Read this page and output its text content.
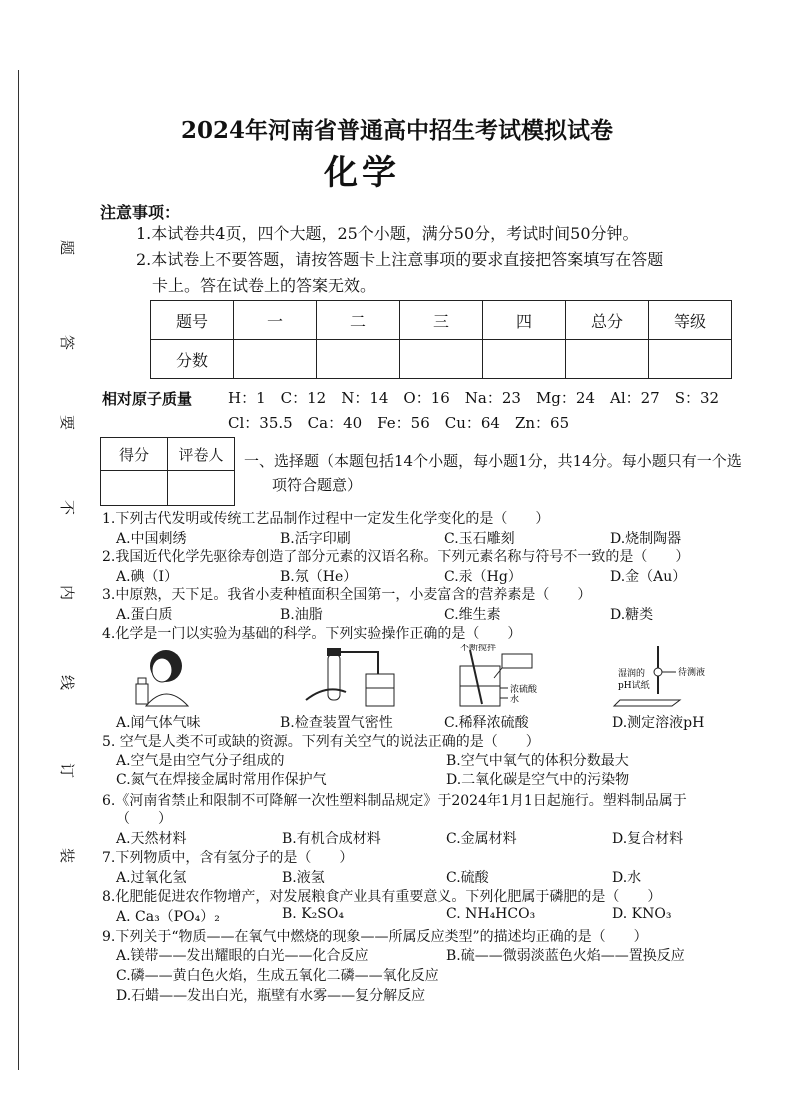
题
答
要
不
内
线
订
装
2024年河南省普通高中招生考试模拟试卷
化学
注意事项：
1.本试卷共4页，四个大题，25个小题，满分50分，考试时间50分钟。
2.本试卷上不要答题，请按答题卡上注意事项的要求直接把答案填写在答题
卡上。答在试卷上的答案无效。
题号	一	二	三	四	总分	等级
分数						
相对原子质量 H：1　C：12　N：14　O：16　Na：23　Mg：24　Al：27　S：32
Cl：35.5　Ca：40　Fe：56　Cu：64　Zn：65
得分	评卷人
	一、选择题（本题包括14个小题，每小题1分，共14分。每小题只有一个选
项符合题意）
1.下列古代发明或传统工艺品制作过程中一定发生化学变化的是（　　）
A.中国刺绣	B.活字印刷	C.玉石雕刻	D.烧制陶器
2.我国近代化学先驱徐寿创造了部分元素的汉语名称。下列元素名称与符号不一致的是（　　）
A.碘（I）	B.氖（He）	C.汞（Hg）	D.金（Au）
3.中原熟，天下足。我省小麦种植面积全国第一，小麦富含的营养素是（　　）
A.蛋白质	B.油脂	C.维生素	D.糖类
4.化学是一门以实验为基础的科学。下列实验操作正确的是（　　）
不断搅拌
浓硫酸
水
湿润的
pH试纸
待测液
A.闻气体气味	B.检查装置气密性	C.稀释浓硫酸	D.测定溶液pH
5. 空气是人类不可或缺的资源。下列有关空气的说法正确的是（　　）
A.空气是由空气分子组成的	B.空气中氧气的体积分数最大
C.氮气在焊接金属时常用作保护气	D.二氧化碳是空气中的污染物
6.《河南省禁止和限制不可降解一次性塑料制品规定》于2024年1月1日起施行。塑料制品属于
（　　）
A.天然材料	B.有机合成材料	C.金属材料	D.复合材料
7.下列物质中，含有氢分子的是（　　）
A.过氧化氢	B.液氢	C.硫酸	D.水
8.化肥能促进农作物增产，对发展粮食产业具有重要意义。下列化肥属于磷肥的是（　　）
A. Ca₃（PO₄）₂	B. K₂SO₄	C. NH₄HCO₃	D. KNO₃
9.下列关于“物质——在氧气中燃烧的现象——所属反应类型”的描述均正确的是（　　）
A.镁带——发出耀眼的白光——化合反应	B.硫——微弱淡蓝色火焰——置换反应
C.磷——黄白色火焰，生成五氧化二磷——氧化反应
D.石蜡——发出白光，瓶壁有水雾——复分解反应
